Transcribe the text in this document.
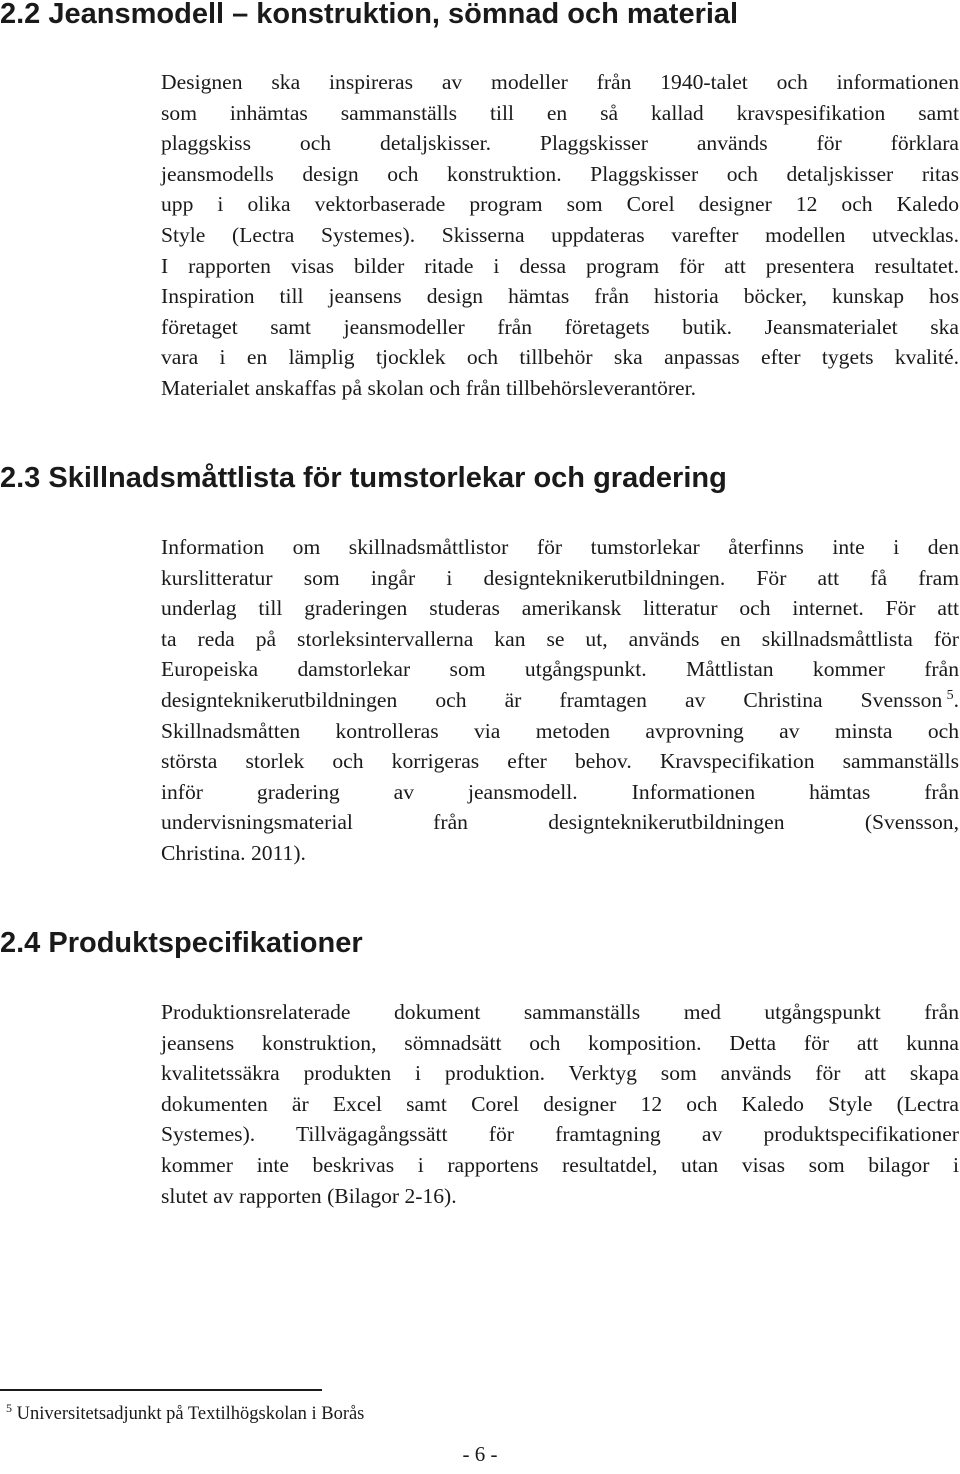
2.2 Jeansmodell – konstruktion, sömnad och material
Designen ska inspireras av modeller från 1940-talet och informationen
som inhämtas sammanställs till en så kallad kravspesifikation samt
plaggskiss och detaljskisser. Plaggskisser används för förklara
jeansmodells design och konstruktion. Plaggskisser och detaljskisser ritas
upp i olika vektorbaserade program som Corel designer 12 och Kaledo
Style (Lectra Systemes). Skisserna uppdateras varefter modellen utvecklas.
I rapporten visas bilder ritade i dessa program för att presentera resultatet.
Inspiration till jeansens design hämtas från historia böcker, kunskap hos
företaget samt jeansmodeller från företagets butik. Jeansmaterialet ska
vara i en lämplig tjocklek och tillbehör ska anpassas efter tygets kvalité.
Materialet anskaffas på skolan och från tillbehörsleverantörer.
2.3 Skillnadsmåttlista för tumstorlekar och gradering
Information om skillnadsmåttlistor för tumstorlekar återfinns inte i den
kurslitteratur som ingår i designteknikerutbildningen. För att få fram
underlag till graderingen studeras amerikansk litteratur och internet. För att
ta reda på storleksintervallerna kan se ut, används en skillnadsmåttlista för
Europeiska damstorlekar som utgångspunkt. Måttlistan kommer från
designteknikerutbildningen och är framtagen av Christina Svensson  $^5$.
Skillnadsmåtten kontrolleras via metoden avprovning av minsta och
största storlek och korrigeras efter behov. Kravspecifikation sammanställs
inför gradering av jeansmodell. Informationen hämtas från
undervisningsmaterial från designteknikerutbildningen (Svensson,
Christina. 2011).
2.4 Produktspecifikationer
Produktionsrelaterade dokument sammanställs med utgångspunkt från
jeansens konstruktion, sömnadsätt och komposition. Detta för att kunna
kvalitetssäkra produkten i produktion. Verktyg som används för att skapa
dokumenten är Excel samt Corel designer 12 och Kaledo Style (Lectra
Systemes). Tillvägagångssätt för framtagning av produktspecifikationer
kommer inte beskrivas i rapportens resultatdel, utan visas som bilagor i
slutet av rapporten (Bilagor 2-16).

$^5$ Universitetsadjunkt på Textilhögskolan i Borås

- 6 -
